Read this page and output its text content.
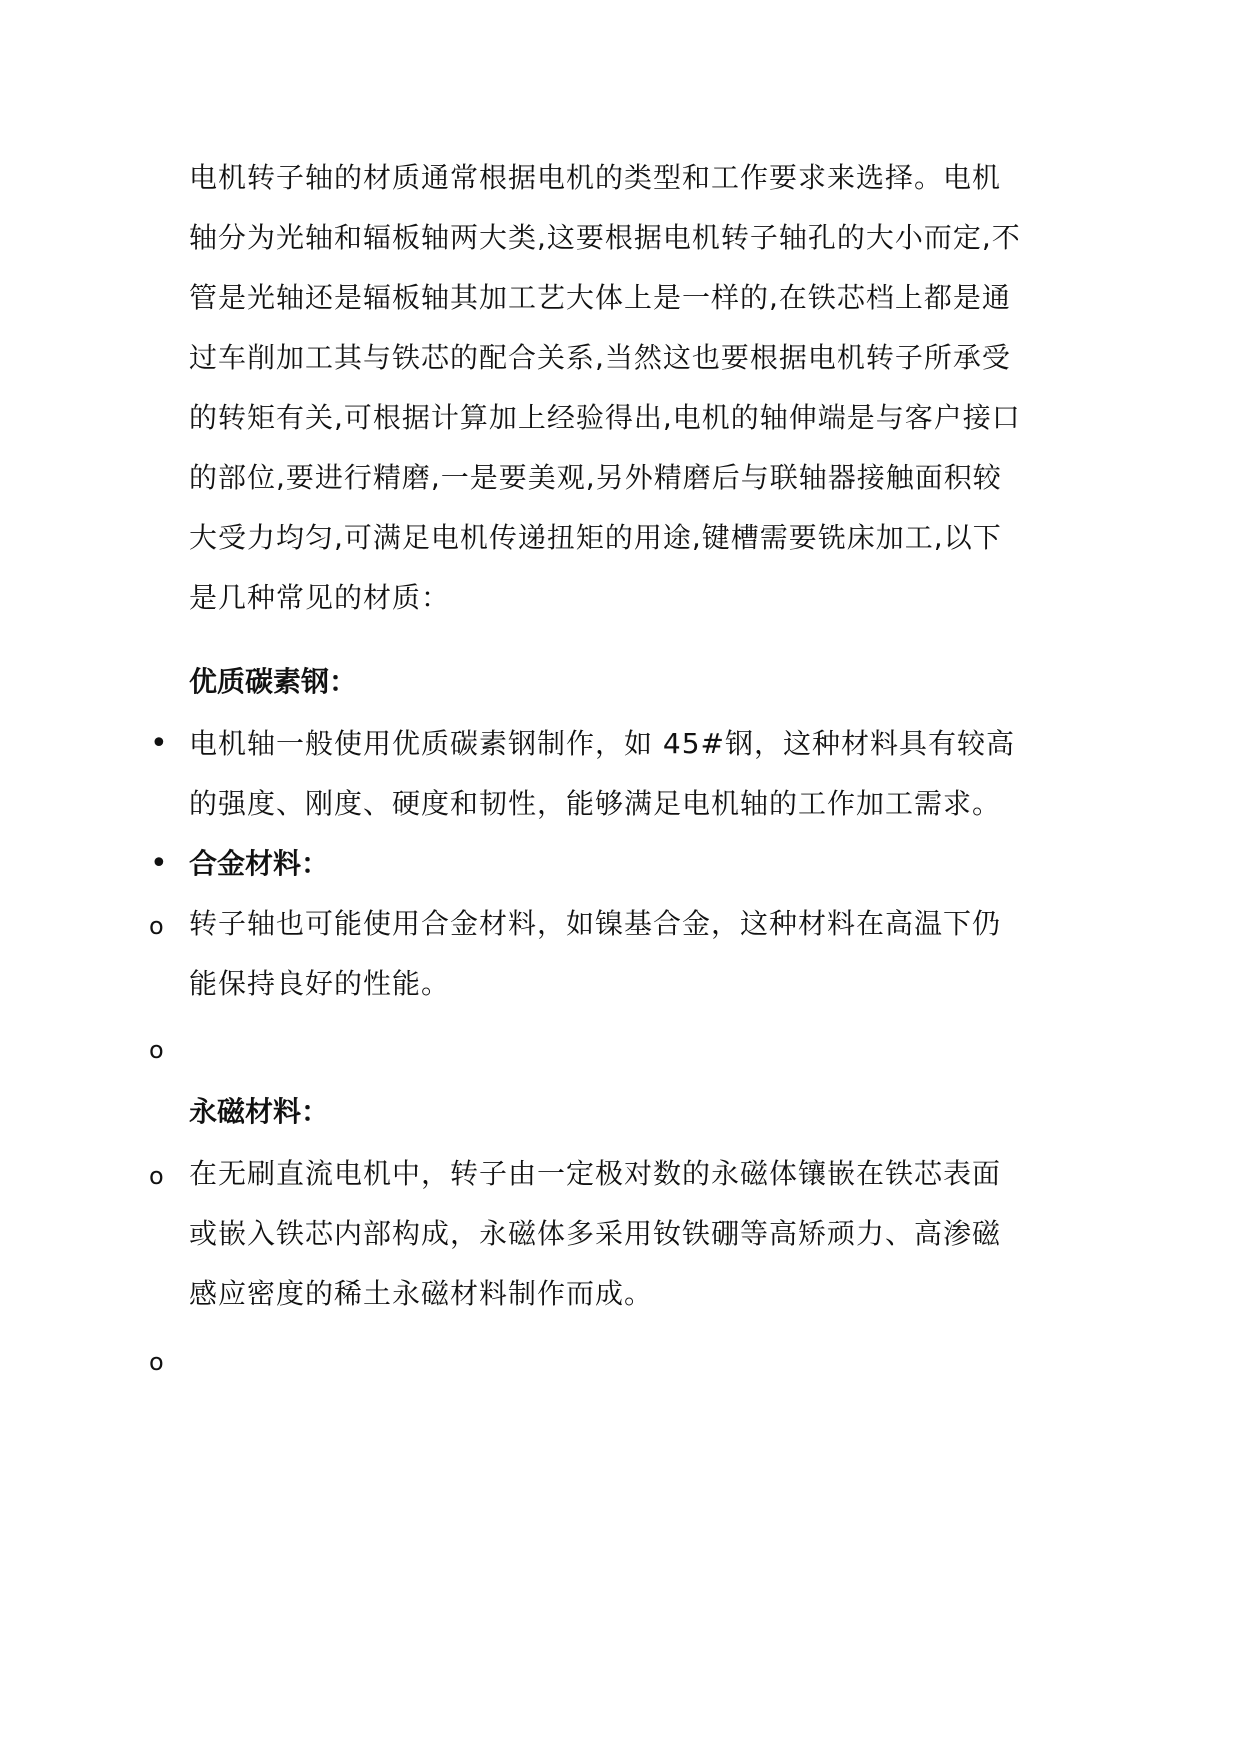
电机转子轴的材质通常根据电机的类型和工作要求来选择。电机
轴分为光轴和辐板轴两大类,这要根据电机转子轴孔的大小而定,不
管是光轴还是辐板轴其加工艺大体上是一样的,在铁芯档上都是通
过车削加工其与铁芯的配合关系,当然这也要根据电机转子所承受
的转矩有关,可根据计算加上经验得出,电机的轴伸端是与客户接口
的部位,要进行精磨,一是要美观,另外精磨后与联轴器接触面积较
大受力均匀,可满足电机传递扭矩的用途,键槽需要铣床加工,以下
是几种常见的材质：
优质碳素钢：
• 电机轴一般使用优质碳素钢制作，如 45#钢，这种材料具有较高
的强度、刚度、硬度和韧性，能够满足电机轴的工作加工需求。
• 合金材料：
o 转子轴也可能使用合金材料，如镍基合金，这种材料在高温下仍
能保持良好的性能。
o
永磁材料：
o 在无刷直流电机中，转子由一定极对数的永磁体镶嵌在铁芯表面
或嵌入铁芯内部构成，永磁体多采用钕铁硼等高矫顽力、高渗磁
感应密度的稀土永磁材料制作而成。
o
